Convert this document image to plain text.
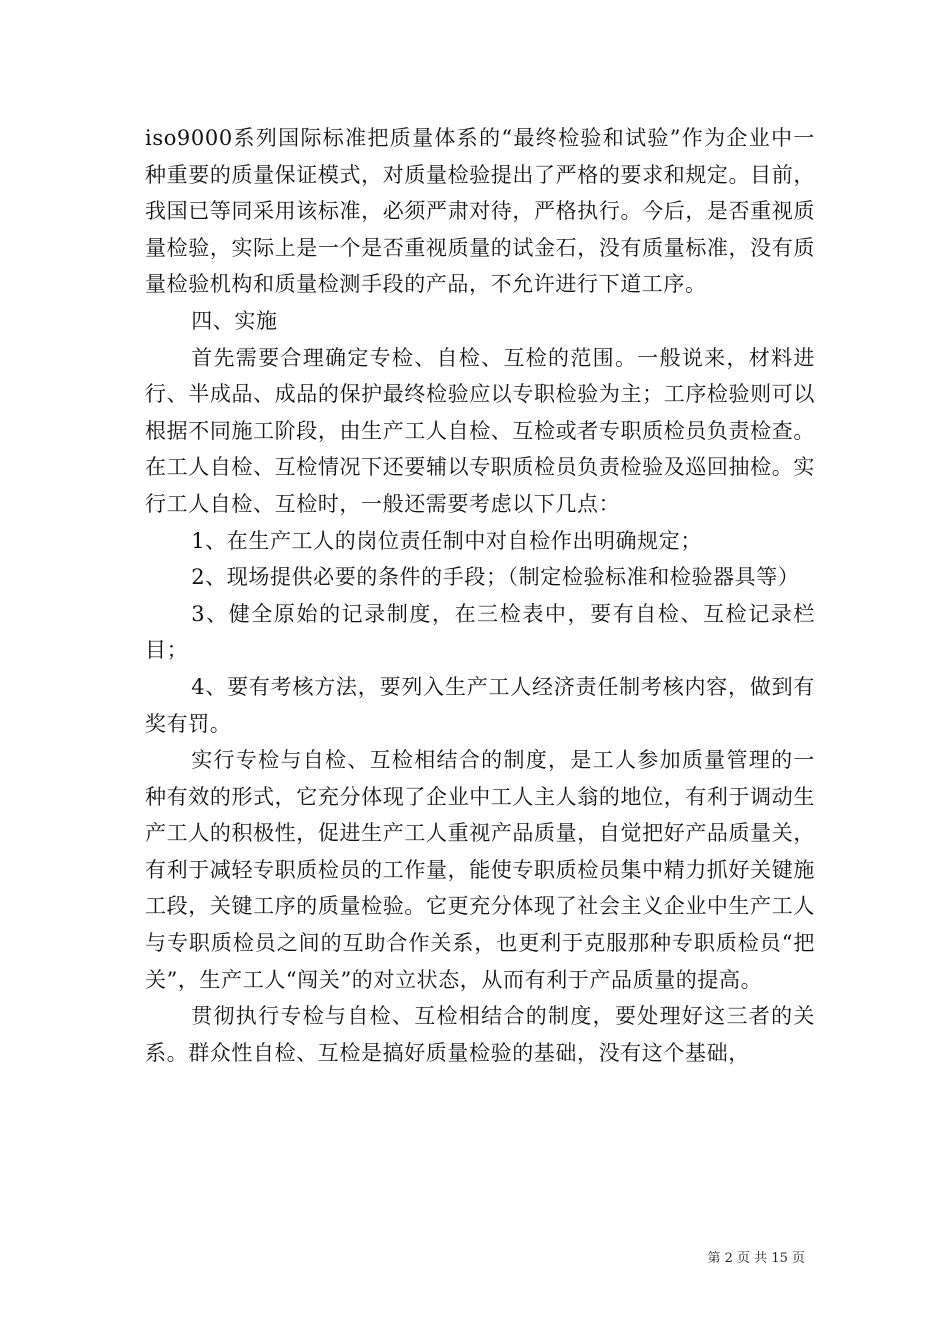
iso9000系列国际标准把质量体系的“最终检验和试验”作为企业中一种重要的质量保证模式，对质量检验提出了严格的要求和规定。目前，我国已等同采用该标准，必须严肃对待，严格执行。今后，是否重视质量检验，实际上是一个是否重视质量的试金石，没有质量标准，没有质量检验机构和质量检测手段的产品，不允许进行下道工序。

四、实施

首先需要合理确定专检、自检、互检的范围。一般说来，材料进行、半成品、成品的保护最终检验应以专职检验为主；工序检验则可以根据不同施工阶段，由生产工人自检、互检或者专职质检员负责检查。在工人自检、互检情况下还要辅以专职质检员负责检验及巡回抽检。实行工人自检、互检时，一般还需要考虑以下几点：

1、在生产工人的岗位责任制中对自检作出明确规定；

2、现场提供必要的条件的手段；（制定检验标准和检验器具等）

3、健全原始的记录制度，在三检表中，要有自检、互检记录栏目；

4、要有考核方法，要列入生产工人经济责任制考核内容，做到有奖有罚。

实行专检与自检、互检相结合的制度，是工人参加质量管理的一种有效的形式，它充分体现了企业中工人主人翁的地位，有利于调动生产工人的积极性，促进生产工人重视产品质量，自觉把好产品质量关，有利于减轻专职质检员的工作量，能使专职质检员集中精力抓好关键施工段，关键工序的质量检验。它更充分体现了社会主义企业中生产工人与专职质检员之间的互助合作关系，也更利于克服那种专职质检员“把关”，生产工人“闯关”的对立状态，从而有利于产品质量的提高。

贯彻执行专检与自检、互检相结合的制度，要处理好这三者的关系。群众性自检、互检是搞好质量检验的基础，没有这个基础，

第 2 页 共 15 页
